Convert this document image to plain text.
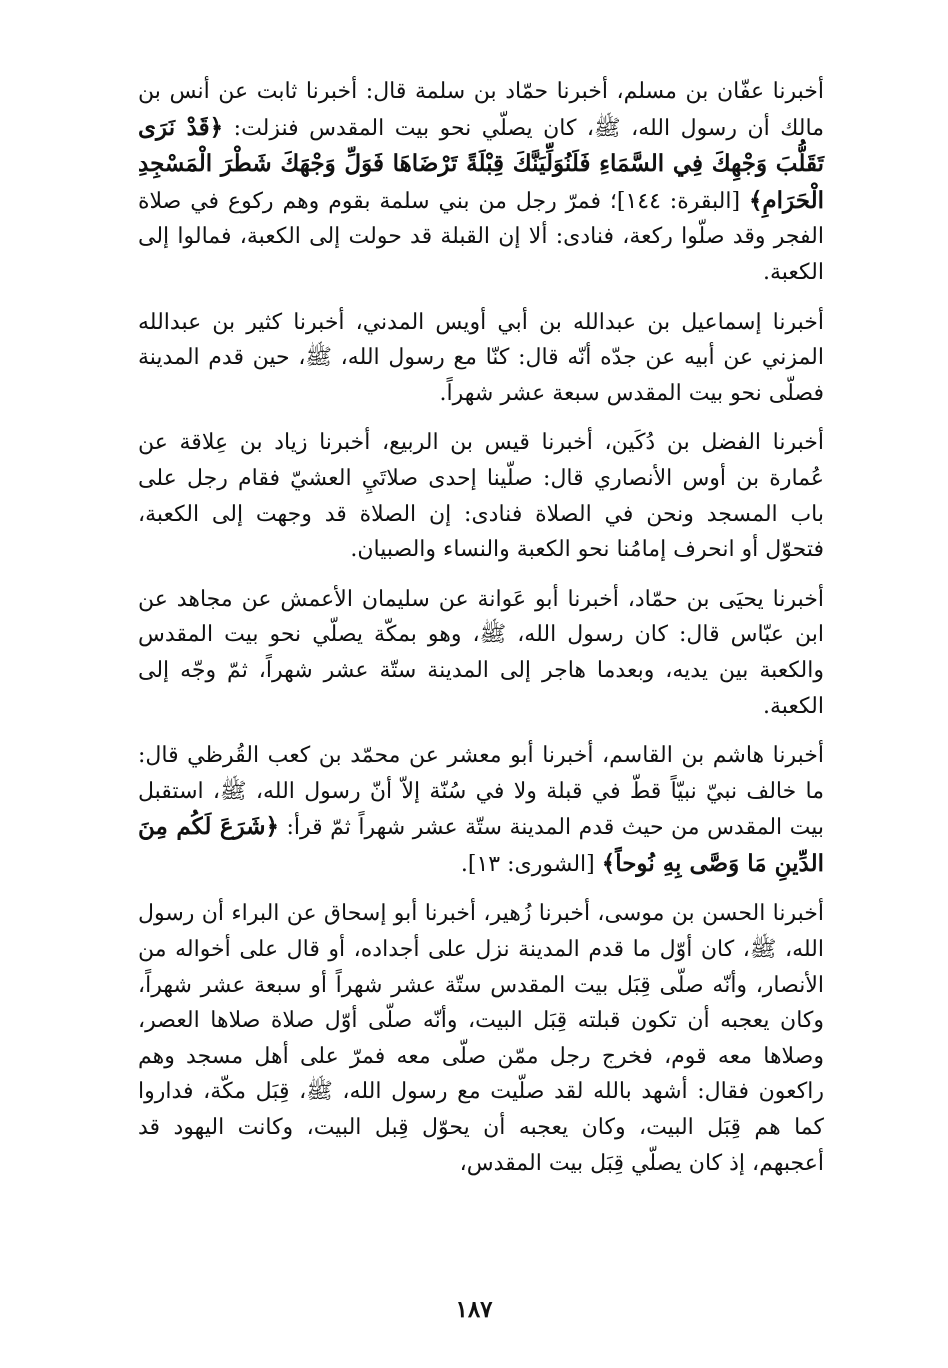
أخبرنا عفّان بن مسلم، أخبرنا حمّاد بن سلمة قال: أخبرنا ثابت عن أنس بن مالك أن رسول الله، ﷺ، كان يصلّي نحو بيت المقدس فنزلت: ﴿قَدْ نَرَى تَقَلُّبَ وَجْهِكَ فِي السَّمَاءِ فَلَنُوَلِّيَنَّكَ قِبْلَةً تَرْضَاهَا فَوَلِّ وَجْهَكَ شَطْرَ الْمَسْجِدِ الْحَرَامِ﴾ [البقرة: ١٤٤]؛ فمرّ رجل من بني سلمة بقوم وهم ركوع في صلاة الفجر وقد صلّوا ركعة، فنادى: ألا إن القبلة قد حولت إلى الكعبة، فمالوا إلى الكعبة.

أخبرنا إسماعيل بن عبدالله بن أبي أويس المدني، أخبرنا كثير بن عبدالله المزني عن أبيه عن جدّه أنّه قال: كنّا مع رسول الله، ﷺ، حين قدم المدينة فصلّى نحو بيت المقدس سبعة عشر شهراً.

أخبرنا الفضل بن دُكَين، أخبرنا قيس بن الربيع، أخبرنا زياد بن عِلاقة عن عُمارة بن أوس الأنصاري قال: صلّينا إحدى صلاتَيِ العشيّ فقام رجل على باب المسجد ونحن في الصلاة فنادى: إن الصلاة قد وجهت إلى الكعبة، فتحوّل أو انحرف إمامُنا نحو الكعبة والنساء والصبيان.

أخبرنا يحيَى بن حمّاد، أخبرنا أبو عَوانة عن سليمان الأعمش عن مجاهد عن ابن عبّاس قال: كان رسول الله، ﷺ، وهو بمكّة يصلّي نحو بيت المقدس والكعبة بين يديه، وبعدما هاجر إلى المدينة ستّة عشر شهراً، ثمّ وجّه إلى الكعبة.

أخبرنا هاشم بن القاسم، أخبرنا أبو معشر عن محمّد بن كعب القُرظي قال: ما خالف نبيّ نبيّاً قطّ في قبلة ولا في سُنّة إلاّ أنّ رسول الله، ﷺ، استقبل بيت المقدس من حيث قدم المدينة ستّة عشر شهراً ثمّ قرأ: ﴿شَرَعَ لَكُم مِنَ الدِّينِ مَا وَصَّى بِهِ نُوحاً﴾ [الشورى: ١٣].

أخبرنا الحسن بن موسى، أخبرنا زُهير، أخبرنا أبو إسحاق عن البراء أن رسول الله، ﷺ، كان أوّل ما قدم المدينة نزل على أجداده، أو قال على أخواله من الأنصار، وأنّه صلّى قِبَل بيت المقدس ستّة عشر شهراً أو سبعة عشر شهراً، وكان يعجبه أن تكون قبلته قِبَل البيت، وأنّه صلّى أوّل صلاة صلاها العصر، وصلاها معه قوم، فخرج رجل ممّن صلّى معه فمرّ على أهل مسجد وهم راكعون فقال: أشهد بالله لقد صلّيت مع رسول الله، ﷺ، قِبَل مكّة، فداروا كما هم قِبَل البيت، وكان يعجبه أن يحوّل قِبل البيت، وكانت اليهود قد أعجبهم، إذ كان يصلّي قِبَل بيت المقدس،

١٨٧
